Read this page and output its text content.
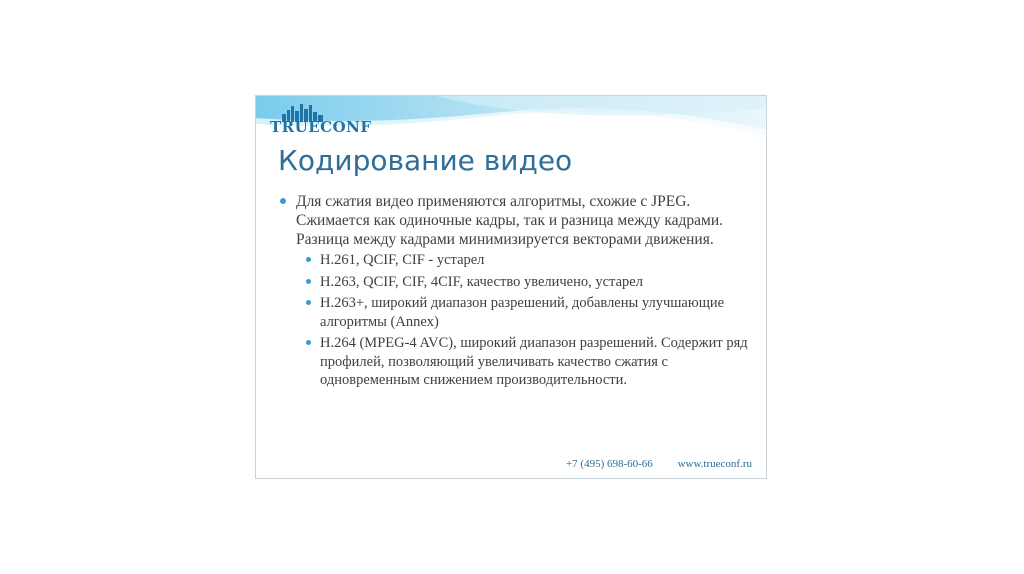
TRUECONF
Кодирование видео
Для сжатия видео применяются алгоритмы, схожие с JPEG. Сжимается как одиночные кадры, так и разница между кадрами. Разница между кадрами минимизируется векторами движения.
H.261, QCIF, CIF - устарел
H.263, QCIF, CIF, 4CIF, качество увеличено, устарел
H.263+, широкий диапазон разрешений, добавлены улучшающие алгоритмы (Annex)
H.264 (MPEG-4 AVC), широкий диапазон разрешений. Содержит ряд профилей, позволяющий увеличивать качество сжатия с одновременным снижением производительности.
+7 (495) 698-60-66 www.trueconf.ru
